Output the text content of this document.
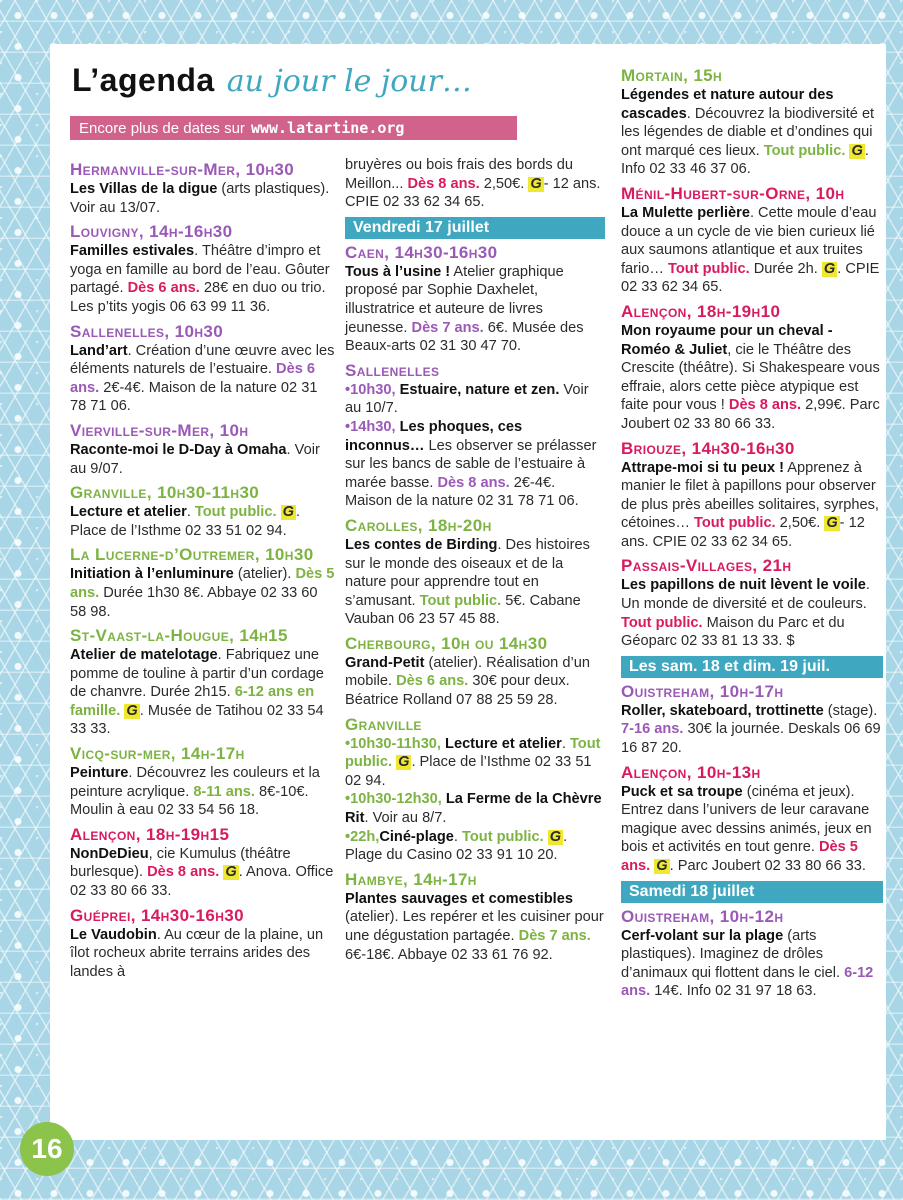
L’agenda au jour le jour…
Encore plus de dates sur www.latartine.org
Hermanville-sur-Mer, 10h30
Les Villas de la digue (arts plastiques). Voir au 13/07.
Louvigny, 14h-16h30
Familles estivales. Théâtre d’impro et yoga en famille au bord de l’eau. Gôuter partagé. Dès 6 ans. 28€ en duo ou trio. Les p’tits yogis 06 63 99 11 36.
Sallenelles, 10h30
Land’art. Création d’une œuvre avec les éléments naturels de l’estuaire. Dès 6 ans. 2€-4€. Maison de la nature 02 31 78 71 06.
Vierville-sur-Mer, 10h
Raconte-moi le D-Day à Omaha. Voir au 9/07.
Granville, 10h30-11h30
Lecture et atelier. Tout public. G . Place de l’Isthme 02 33 51 02 94.
La Lucerne-d’Outremer, 10h30
Initiation à l’enluminure (atelier). Dès 5 ans. Durée 1h30 8€. Abbaye 02 33 60 58 98.
St-Vaast-la-Hougue, 14h15
Atelier de matelotage. Fabriquez une pomme de touline à partir d’un cordage de chanvre. Durée 2h15. 6-12 ans en famille. G . Musée de Tatihou 02 33 54 33 33.
Vicq-sur-mer, 14h-17h
Peinture. Découvrez les couleurs et la peinture acrylique. 8-11 ans. 8€-10€. Moulin à eau 02 33 54 56 18.
Alençon, 18h-19h15
NonDeDieu, cie Kumulus (théâtre burlesque). Dès 8 ans. G . Anova. Office 02 33 80 66 33.
Guéprei, 14h30-16h30
Le Vaudobin. Au cœur de la plaine, un îlot rocheux abrite terrains arides des landes à
bruyères ou bois frais des bords du Meillon... Dès 8 ans. 2,50€. G - 12 ans. CPIE 02 33 62 34 65.
Vendredi 17 juillet
Caen, 14h30-16h30
Tous à l’usine ! Atelier graphique proposé par Sophie Daxhelet, illustratrice et auteure de livres jeunesse. Dès 7 ans. 6€. Musée des Beaux-arts 02 31 30 47 70.
Sallenelles
•10h30, Estuaire, nature et zen. Voir au 10/7.
•14h30, Les phoques, ces inconnus… Les observer se prélasser sur les bancs de sable de l’estuaire à marée basse. Dès 8 ans. 2€-4€. Maison de la nature 02 31 78 71 06.
Carolles, 18h-20h
Les contes de Birding. Des histoires sur le monde des oiseaux et de la nature pour apprendre tout en s’amusant. Tout public. 5€. Cabane Vauban 06 23 57 45 88.
Cherbourg, 10h ou 14h30
Grand-Petit (atelier). Réalisation d’un mobile. Dès 6 ans. 30€ pour deux. Béatrice Rolland 07 88 25 59 28.
Granville
•10h30-11h30, Lecture et atelier. Tout public. G . Place de l’Isthme 02 33 51 02 94.
•10h30-12h30, La Ferme de la Chèvre Rit. Voir au 8/7.
•22h,Ciné-plage. Tout public. G . Plage du Casino 02 33 91 10 20.
Hambye, 14h-17h
Plantes sauvages et comestibles (atelier). Les repérer et les cuisiner pour une dégustation partagée. Dès 7 ans. 6€-18€. Abbaye 02 33 61 76 92.
Mortain, 15h
Légendes et nature autour des cascades. Découvrez la biodiversité et les légendes de diable et d’ondines qui ont marqué ces lieux. Tout public. G . Info 02 33 46 37 06.
Ménil-Hubert-sur-Orne, 10h
La Mulette perlière. Cette moule d’eau douce a un cycle de vie bien curieux lié aux saumons atlantique et aux truites fario… Tout public. Durée 2h. G . CPIE 02 33 62 34 65.
Alençon, 18h-19h10
Mon royaume pour un cheval - Roméo & Juliet, cie le Théâtre des Crescite (théâtre). Si Shakespeare vous effraie, alors cette pièce atypique est faite pour vous ! Dès 8 ans. 2,99€. Parc Joubert 02 33 80 66 33.
Briouze, 14h30-16h30
Attrape-moi si tu peux ! Apprenez à manier le filet à papillons pour observer de plus près abeilles solitaires, syrphes, cétoines… Tout public. 2,50€. G - 12 ans. CPIE 02 33 62 34 65.
Passais-Villages, 21h
Les papillons de nuit lèvent le voile. Un monde de diversité et de couleurs. Tout public. Maison du Parc et du Géoparc 02 33 81 13 33. $
Les sam. 18 et dim. 19 juil.
Ouistreham, 10h-17h
Roller, skateboard, trottinette (stage). 7-16 ans. 30€ la journée. Deskals 06 69 16 87 20.
Alençon, 10h-13h
Puck et sa troupe (cinéma et jeux). Entrez dans l’univers de leur caravane magique avec dessins animés, jeux en bois et activités en tout genre. Dès 5 ans. G . Parc Joubert 02 33 80 66 33.
Samedi 18 juillet
Ouistreham, 10h-12h
Cerf-volant sur la plage (arts plastiques). Imaginez de drôles d’animaux qui flottent dans le ciel. 6-12 ans. 14€. Info 02 31 97 18 63.
16
